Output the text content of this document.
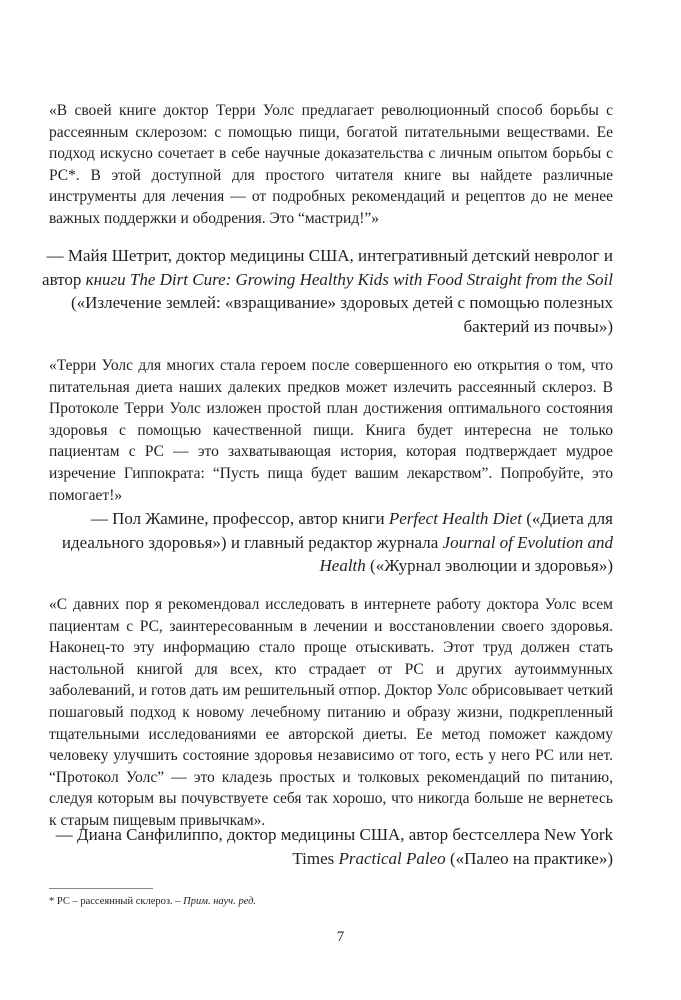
«В своей книге доктор Терри Уолс предлагает революционный способ борьбы с рассеянным склерозом: с помощью пищи, богатой питательными веществами. Ее подход искусно сочетает в себе научные доказательства с личным опытом борьбы с РС*. В этой доступной для простого читателя книге вы найдете различные инструменты для лечения — от подробных рекомендаций и рецептов до не менее важных поддержки и ободрения. Это “мастрид!”»

— Майя Шетрит, доктор медицины США, интегративный детский невролог и автор книги The Dirt Cure: Growing Healthy Kids with Food Straight from the Soil («Излечение землей: «взращивание» здоровых детей с помощью полезных бактерий из почвы»)

«Терри Уолс для многих стала героем после совершенного ею открытия о том, что питательная диета наших далеких предков может излечить рассеянный склероз. В Протоколе Терри Уолс изложен простой план достижения оптимального состояния здоровья с помощью качественной пищи. Книга будет интересна не только пациентам с РС — это захватывающая история, которая подтверждает мудрое изречение Гиппократа: “Пусть пища будет вашим лекарством”. Попробуйте, это помогает!»

— Пол Жамине, профессор, автор книги Perfect Health Diet («Диета для идеального здоровья») и главный редактор журнала Journal of Evolution and Health («Журнал эволюции и здоровья»)

«С давних пор я рекомендовал исследовать в интернете работу доктора Уолс всем пациентам с РС, заинтересованным в лечении и восстановлении своего здоровья. Наконец-то эту информацию стало проще отыскивать. Этот труд должен стать настольной книгой для всех, кто страдает от РС и других аутоиммунных заболеваний, и готов дать им решительный отпор. Доктор Уолс обрисовывает четкий пошаговый подход к новому лечебному питанию и образу жизни, подкрепленный тщательными исследованиями ее авторской диеты. Ее метод поможет каждому человеку улучшить состояние здоровья независимо от того, есть у него РС или нет. “Протокол Уолс” — это кладезь простых и толковых рекомендаций по питанию, следуя которым вы почувствуете себя так хорошо, что никогда больше не вернетесь к старым пищевым привычкам».

— Диана Санфилиппо, доктор медицины США, автор бестселлера New York Times Practical Paleo («Палео на практике»)

* РС – рассеянный склероз. – Прим. науч. ред.

7
